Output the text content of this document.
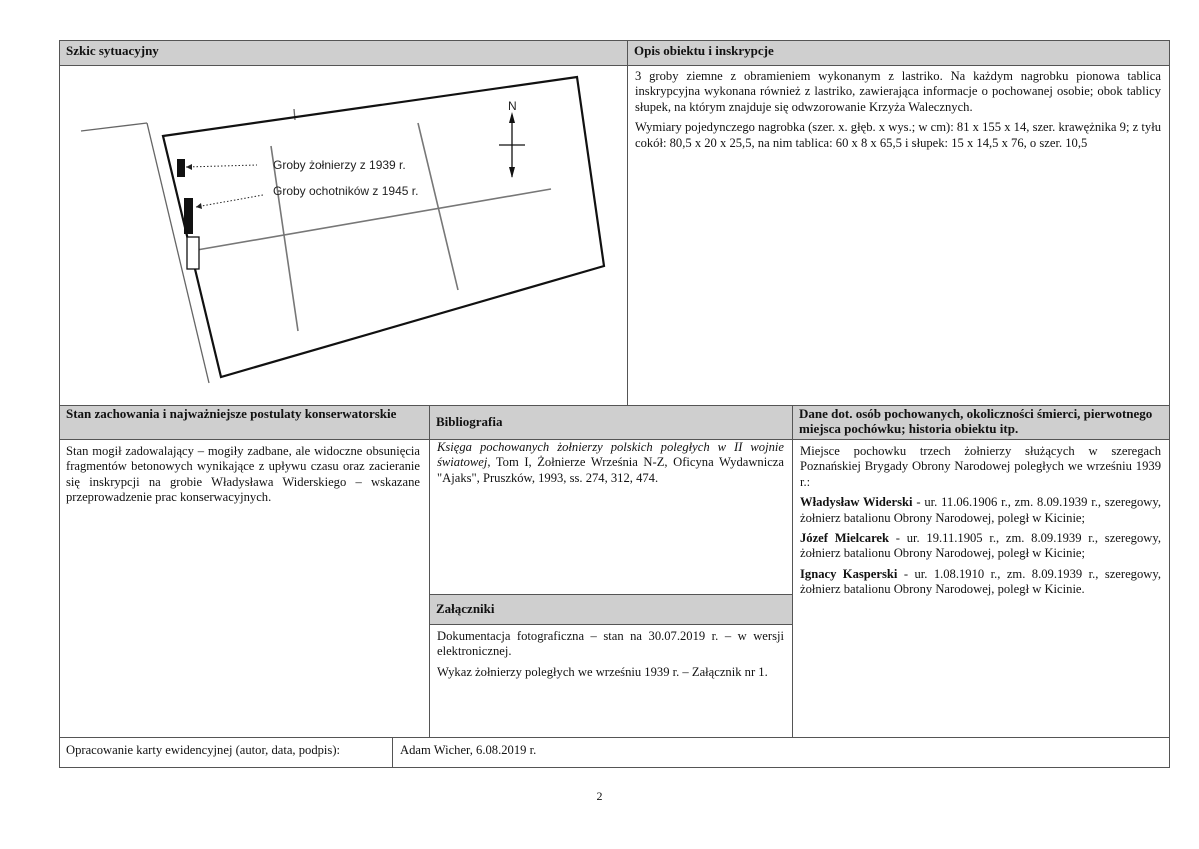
Szkic sytuacyjny	Opis obiektu i inskrypcje
Groby żołnierzy z 1939 r.
Groby ochotników z 1945 r.
N

3 groby ziemne z obramieniem wykonanym z lastriko. Na każdym nagrobku pionowa tablica inskrypcyjna wykonana również z lastriko, zawierająca informacje o pochowanej osobie; obok tablicy słupek, na którym znajduje się odwzorowanie Krzyża Walecznych.

Wymiary pojedynczego nagrobka (szer. x. głęb. x wys.; w cm): 81 x 155 x 14, szer. krawężnika 9; z tyłu cokół: 80,5 x 20 x 25,5, na nim tablica: 60 x 8 x 65,5 i słupek: 15 x 14,5 x 76, o szer. 10,5

Stan zachowania i najważniejsze postulaty konserwatorskie
Bibliografia
Dane dot. osób pochowanych, okoliczności śmierci, pierwotnego miejsca pochówku; historia obiektu itp.
Stan mogił zadowalający – mogiły zadbane, ale widoczne obsunięcia fragmentów betonowych wynikające z upływu czasu oraz zacieranie się inskrypcji na grobie Władysława Widerskiego – wskazane przeprowadzenie prac konserwacyjnych.
Księga pochowanych żołnierzy polskich poległych w II wojnie światowej, Tom I, Żołnierze Września N-Z, Oficyna Wydawnicza "Ajaks", Pruszków, 1993, ss. 274, 312, 474.
Załączniki

Dokumentacja fotograficzna – stan na 30.07.2019 r. – w wersji elektronicznej.

Wykaz żołnierzy poległych we wrześniu 1939 r. – Załącznik nr 1.

Miejsce pochowku trzech żołnierzy służących w szeregach Poznańskiej Brygady Obrony Narodowej poległych we wrześniu 1939 r.:

Władysław Widerski - ur. 11.06.1906 r., zm. 8.09.1939 r., szeregowy, żołnierz batalionu Obrony Narodowej, poległ w Kicinie;

Józef Mielcarek - ur. 19.11.1905 r., zm. 8.09.1939 r., szeregowy, żołnierz batalionu Obrony Narodowej, poległ w Kicinie;

Ignacy Kasperski - ur. 1.08.1910 r., zm. 8.09.1939 r., szeregowy, żołnierz batalionu Obrony Narodowej, poległ w Kicinie.

Opracowanie karty ewidencyjnej (autor, data, podpis):	Adam Wicher, 6.08.2019 r.
2
